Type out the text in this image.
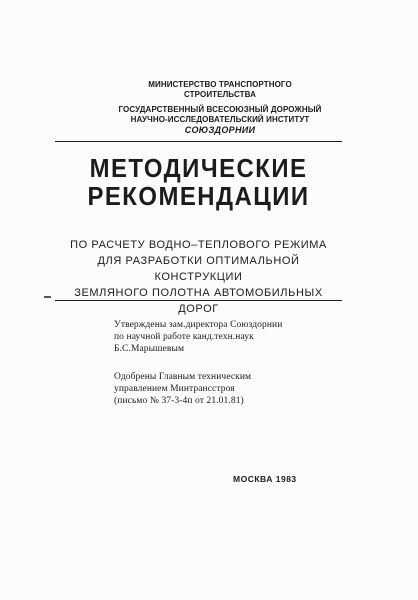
МИНИСТЕРСТВО ТРАНСПОРТНОГО
СТРОИТЕЛЬСТВА
ГОСУДАРСТВЕННЫЙ ВСЕСОЮЗНЫЙ ДОРОЖНЫЙ
НАУЧНО-ИССЛЕДОВАТЕЛЬСКИЙ ИНСТИТУТ
СОЮЗДОРНИИ
МЕТОДИЧЕСКИЕ
РЕКОМЕНДАЦИИ
ПО РАСЧЕТУ ВОДНО–ТЕПЛОВОГО РЕЖИМА
ДЛЯ РАЗРАБОТКИ ОПТИМАЛЬНОЙ КОНСТРУКЦИИ
ЗЕМЛЯНОГО ПОЛОТНА АВТОМОБИЛЬНЫХ ДОРОГ
Утверждены зам.директора Союздорнии
по научной работе канд.техн.наук
Б.С.Марышевым
Одобрены Главным техническим
управлением Минтрансстроя
(письмо № 37-3-4п от 21.01.81)
МОСКВА 1983
